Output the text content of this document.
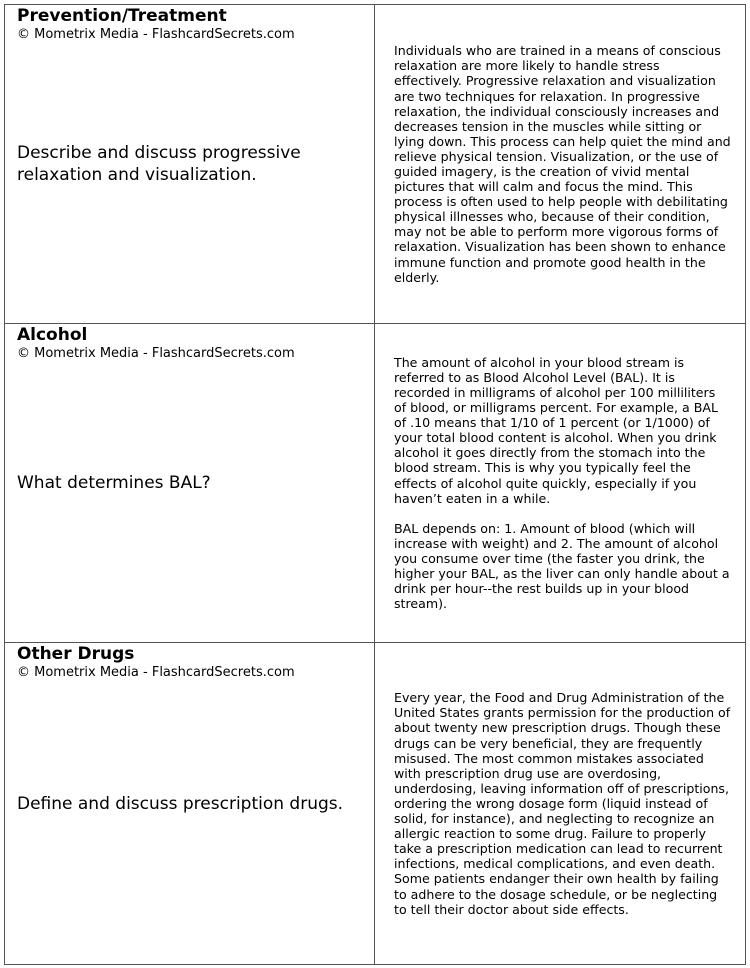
Prevention/Treatment
© Mometrix Media - FlashcardSecrets.com
Describe and discuss progressive relaxation and visualization.

Individuals who are trained in a means of conscious relaxation are more likely to handle stress effectively. Progressive relaxation and visualization are two techniques for relaxation. In progressive relaxation, the individual consciously increases and decreases tension in the muscles while sitting or lying down. This process can help quiet the mind and relieve physical tension. Visualization, or the use of guided imagery, is the creation of vivid mental pictures that will calm and focus the mind. This process is often used to help people with debilitating physical illnesses who, because of their condition, may not be able to perform more vigorous forms of relaxation. Visualization has been shown to enhance immune function and promote good health in the elderly.

Alcohol
© Mometrix Media - FlashcardSecrets.com
What determines BAL?

The amount of alcohol in your blood stream is referred to as Blood Alcohol Level (BAL). It is recorded in milligrams of alcohol per 100 milliliters of blood, or milligrams percent. For example, a BAL of .10 means that 1/10 of 1 percent (or 1/1000) of your total blood content is alcohol. When you drink alcohol it goes directly from the stomach into the blood stream. This is why you typically feel the effects of alcohol quite quickly, especially if you haven’t eaten in a while.

BAL depends on: 1. Amount of blood (which will increase with weight) and 2. The amount of alcohol you consume over time (the faster you drink, the higher your BAL, as the liver can only handle about a drink per hour--the rest builds up in your blood stream).

Other Drugs
© Mometrix Media - FlashcardSecrets.com
Define and discuss prescription drugs.

Every year, the Food and Drug Administration of the United States grants permission for the production of about twenty new prescription drugs. Though these drugs can be very beneficial, they are frequently misused. The most common mistakes associated with prescription drug use are overdosing, underdosing, leaving information off of prescriptions, ordering the wrong dosage form (liquid instead of solid, for instance), and neglecting to recognize an allergic reaction to some drug. Failure to properly take a prescription medication can lead to recurrent infections, medical complications, and even death. Some patients endanger their own health by failing to adhere to the dosage schedule, or be neglecting to tell their doctor about side effects.
